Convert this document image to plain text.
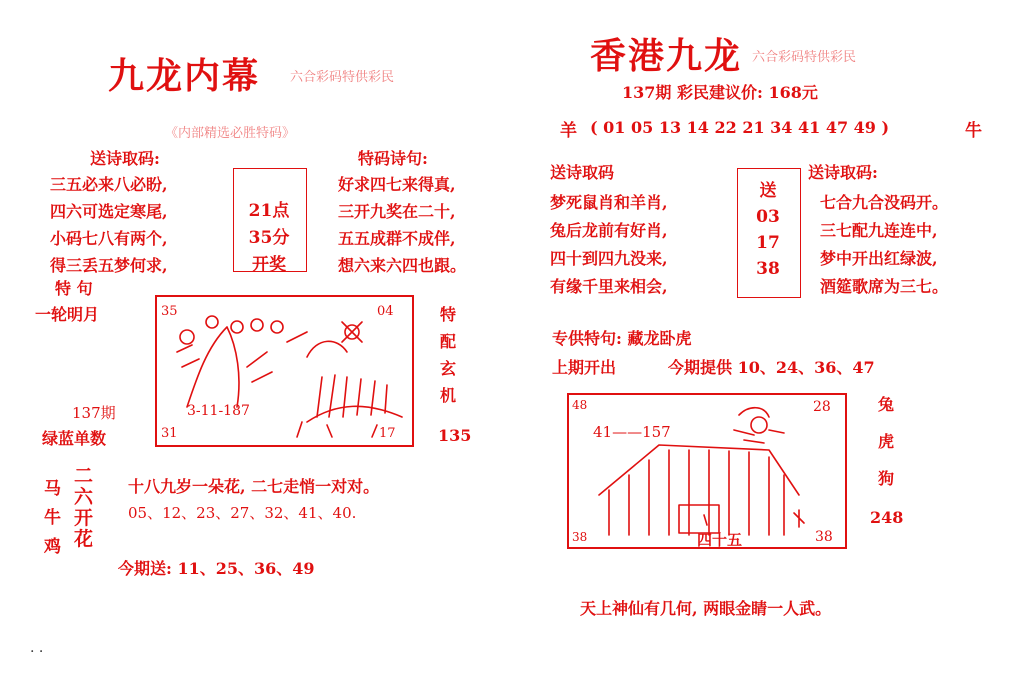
九龙内幕 六合彩码特供彩民
《内部精选必胜特码》
送诗取码:
三五必来八必盼,
四六可选定寒尾,
小码七八有两个,
得三丢五梦何求,
21点
35分
开奖
特码诗句:
好求四七来得真,
三开九奖在二十,
五五成群不成伴,
想六来六四也跟。
特 句
一轮明月	35	04
31	17
3-11-187
特
配
玄
机
137期
绿蓝单数	135
马
牛
鸡
二
六
开
花
十八九岁一朵花, 二七走悄一对对。
05、12、23、27、32、41、40.
今期送: 11、25、36、49
香港九龙 六合彩码特供彩民
137期 彩民建议价: 168元
羊 ( 01 05 13 14 22 21 34 41 47 49 )	牛
送诗取码
梦死鼠肖和羊肖,
兔后龙前有好肖,
四十到四九没来,
有缘千里来相会,
送
03
17
38
送诗取码:
七合九合没码开。
三七配九连连中,
梦中开出红绿波,
酒筵歌席为三七。
专供特句: 藏龙卧虎
上期开出	今期提供 10、24、36、47
48	28
38	38
41——157
四十五
兔
虎
狗
248
天上神仙有几何, 两眼金睛一人武。
. .
